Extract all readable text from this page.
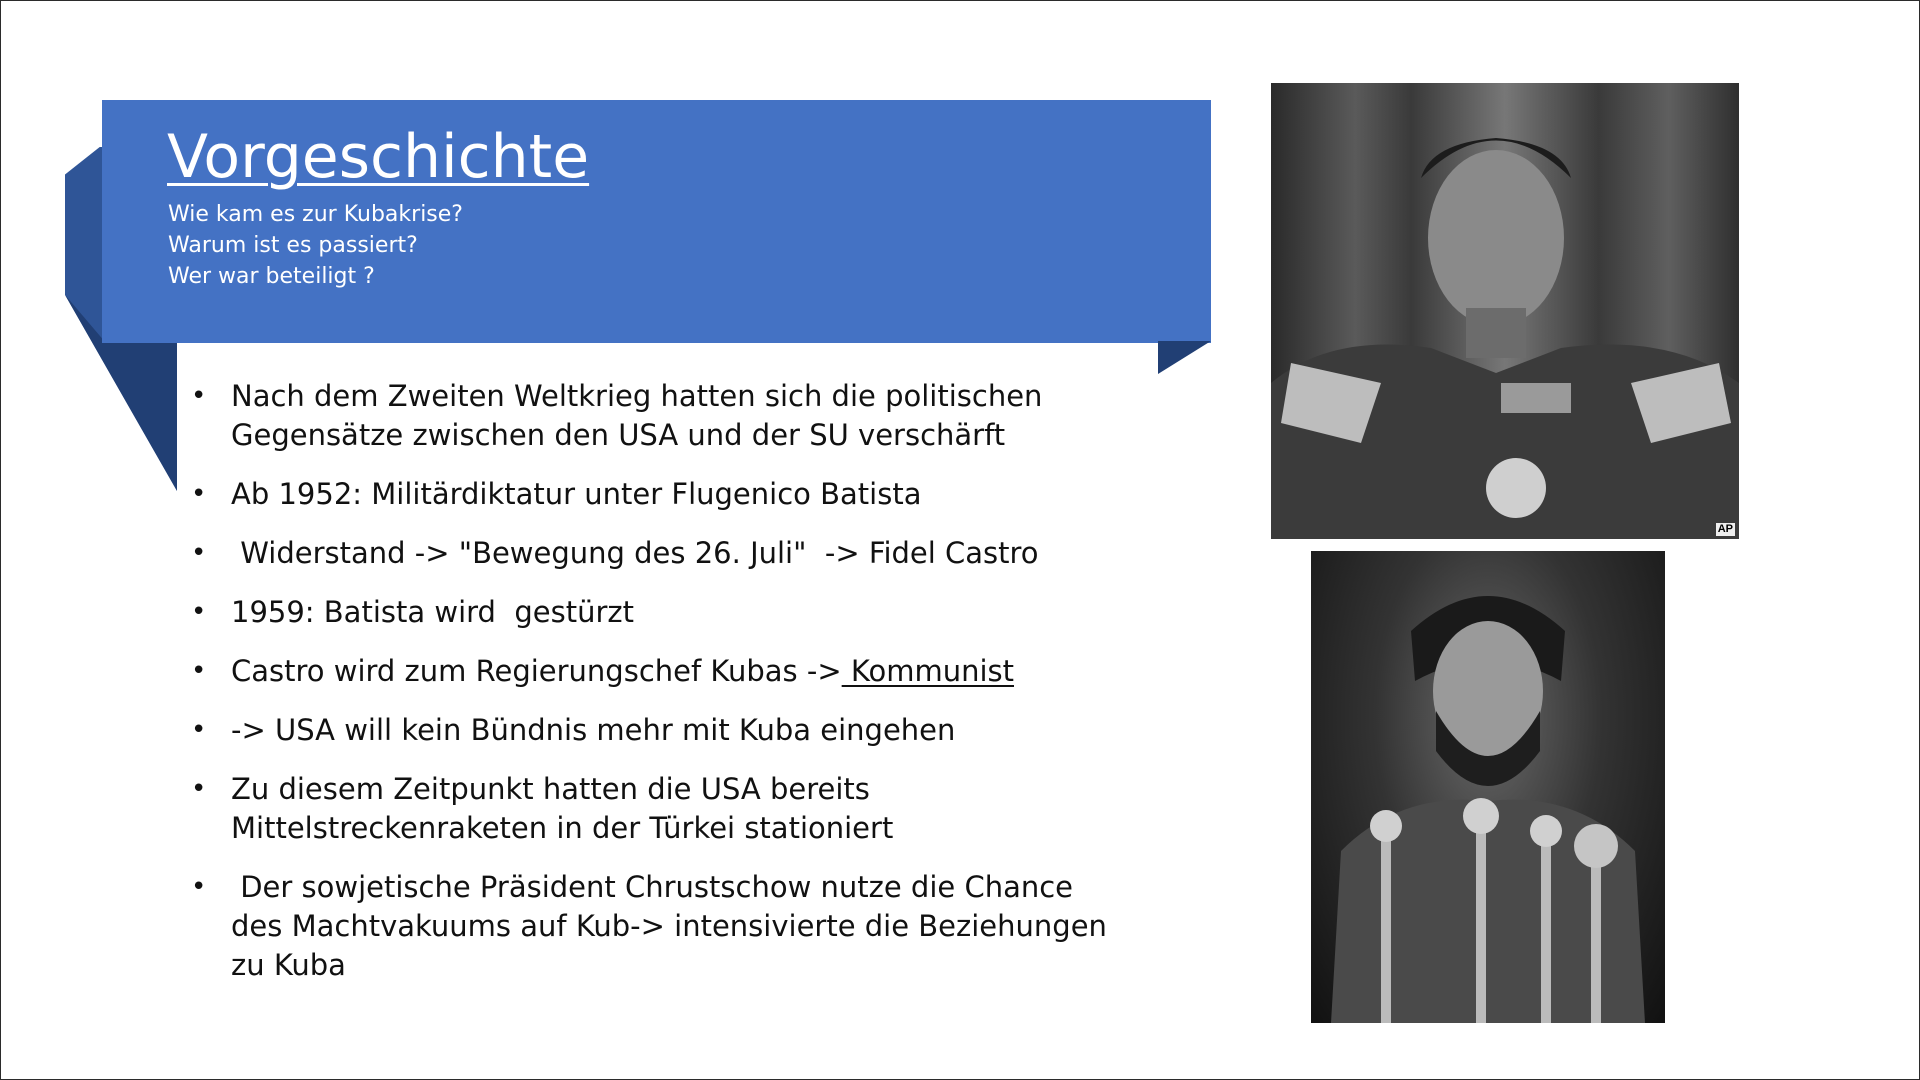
Vorgeschichte
Wie kam es zur Kubakrise?
Warum ist es passiert?
Wer war beteiligt ?
• Nach dem Zweiten Weltkrieg hatten sich die politischen
Gegensätze zwischen den USA und der SU verschärft
• Ab 1952: Militärdiktatur unter Flugenico Batista
•  Widerstand -> "Bewegung des 26. Juli"  -> Fidel Castro
• 1959: Batista wird  gestürzt
• Castro wird zum Regierungschef Kubas -> Kommunist
• -> USA will kein Bündnis mehr mit Kuba eingehen
• Zu diesem Zeitpunkt hatten die USA bereits
Mittelstreckenraketen in der Türkei stationiert
•  Der sowjetische Präsident Chrustschow nutze die Chance
des Machtvakuums auf Kub-> intensivierte die Beziehungen
zu Kuba
AP
